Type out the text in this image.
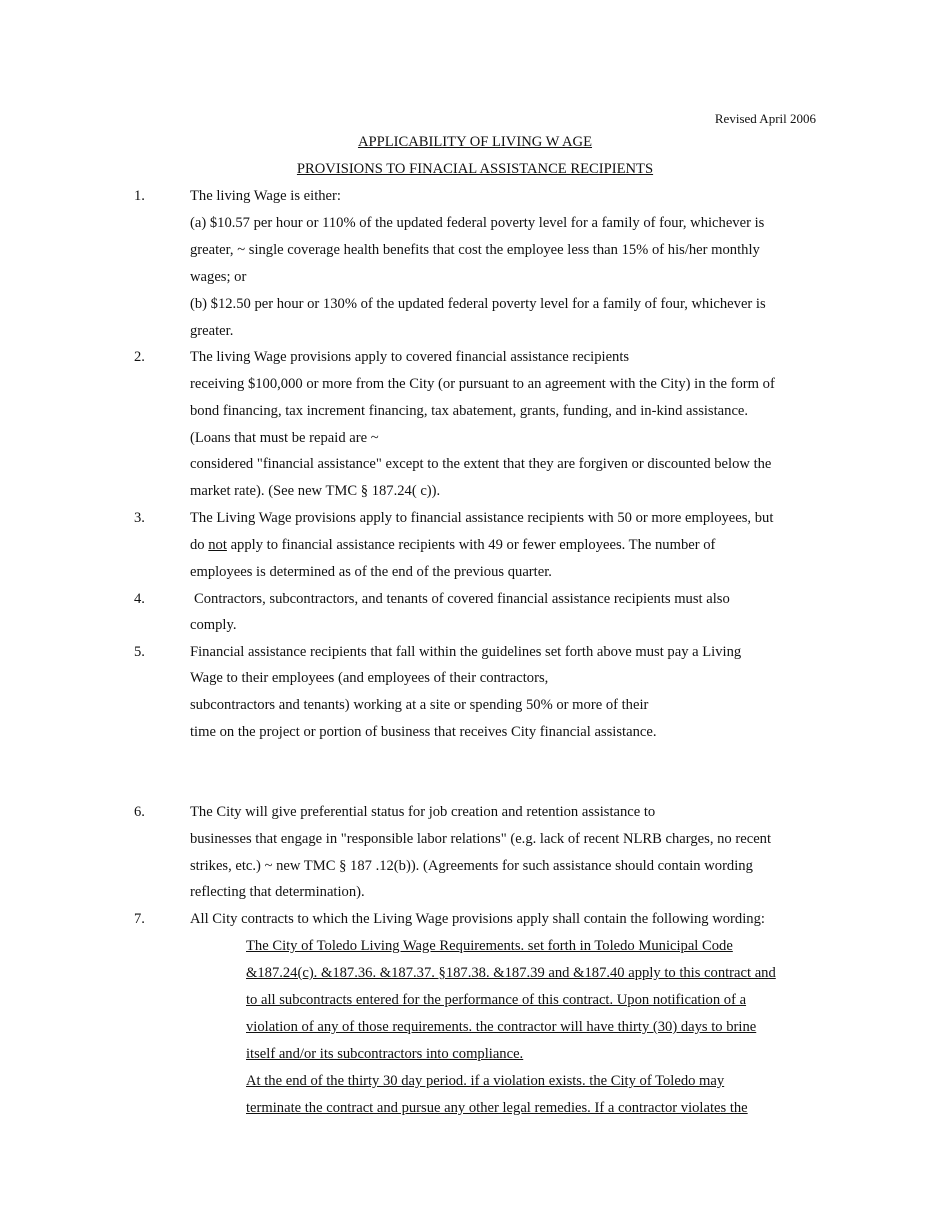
Revised April 2006
APPLICABILITY OF LIVING W AGE
PROVISIONS TO FINACIAL ASSISTANCE RECIPIENTS
1.	The living Wage is either:
(a) $10.57 per hour or 110% of the updated federal poverty level for a family of four, whichever is
greater, ~ single coverage health benefits that cost the employee less than 15% of his/her monthly
wages; or
(b) $12.50 per hour or 130% of the updated federal poverty level for a family of four, whichever is
greater.
2.	The living Wage provisions apply to covered financial assistance recipients
receiving $100,000 or more from the City (or pursuant to an agreement with the City) in the form of
bond financing, tax increment financing, tax abatement, grants, funding, and in-kind assistance.
(Loans that must be repaid are ~
considered "financial assistance" except to the extent that they are forgiven or discounted below the
market rate). (See new TMC § 187.24( c)).
3.	The Living Wage provisions apply to financial assistance recipients with 50 or more employees, but
do not apply to financial assistance recipients with 49 or fewer employees. The number of
employees is determined as of the end of the previous quarter.
4.	Contractors, subcontractors, and tenants of covered financial assistance recipients must also
comply.
5.	Financial assistance recipients that fall within the guidelines set forth above must pay a Living
Wage to their employees (and employees of their contractors,
subcontractors and tenants) working at a site or spending 50% or more of their
time on the project or portion of business that receives City financial assistance.
6.	The City will give preferential status for job creation and retention assistance to
businesses that engage in "responsible labor relations" (e.g. lack of recent NLRB charges, no recent
strikes, etc.) ~ new TMC § 187 .12(b)). (Agreements for such assistance should contain wording
reflecting that determination).
7.	All City contracts to which the Living Wage provisions apply shall contain the following wording:
The City of Toledo Living Wage Requirements. set forth in Toledo Municipal Code
&187.24(c). &187.36. &187.37. §187.38. &187.39 and &187.40 apply to this contract and
to all subcontracts entered for the performance of this contract. Upon notification of a
violation of any of those requirements. the contractor will have thirty (30) days to brine
itself and/or its subcontractors into compliance.
At the end of the thirty 30 day period. if a violation exists. the City of Toledo may
terminate the contract and pursue any other legal remedies. If a contractor violates the
